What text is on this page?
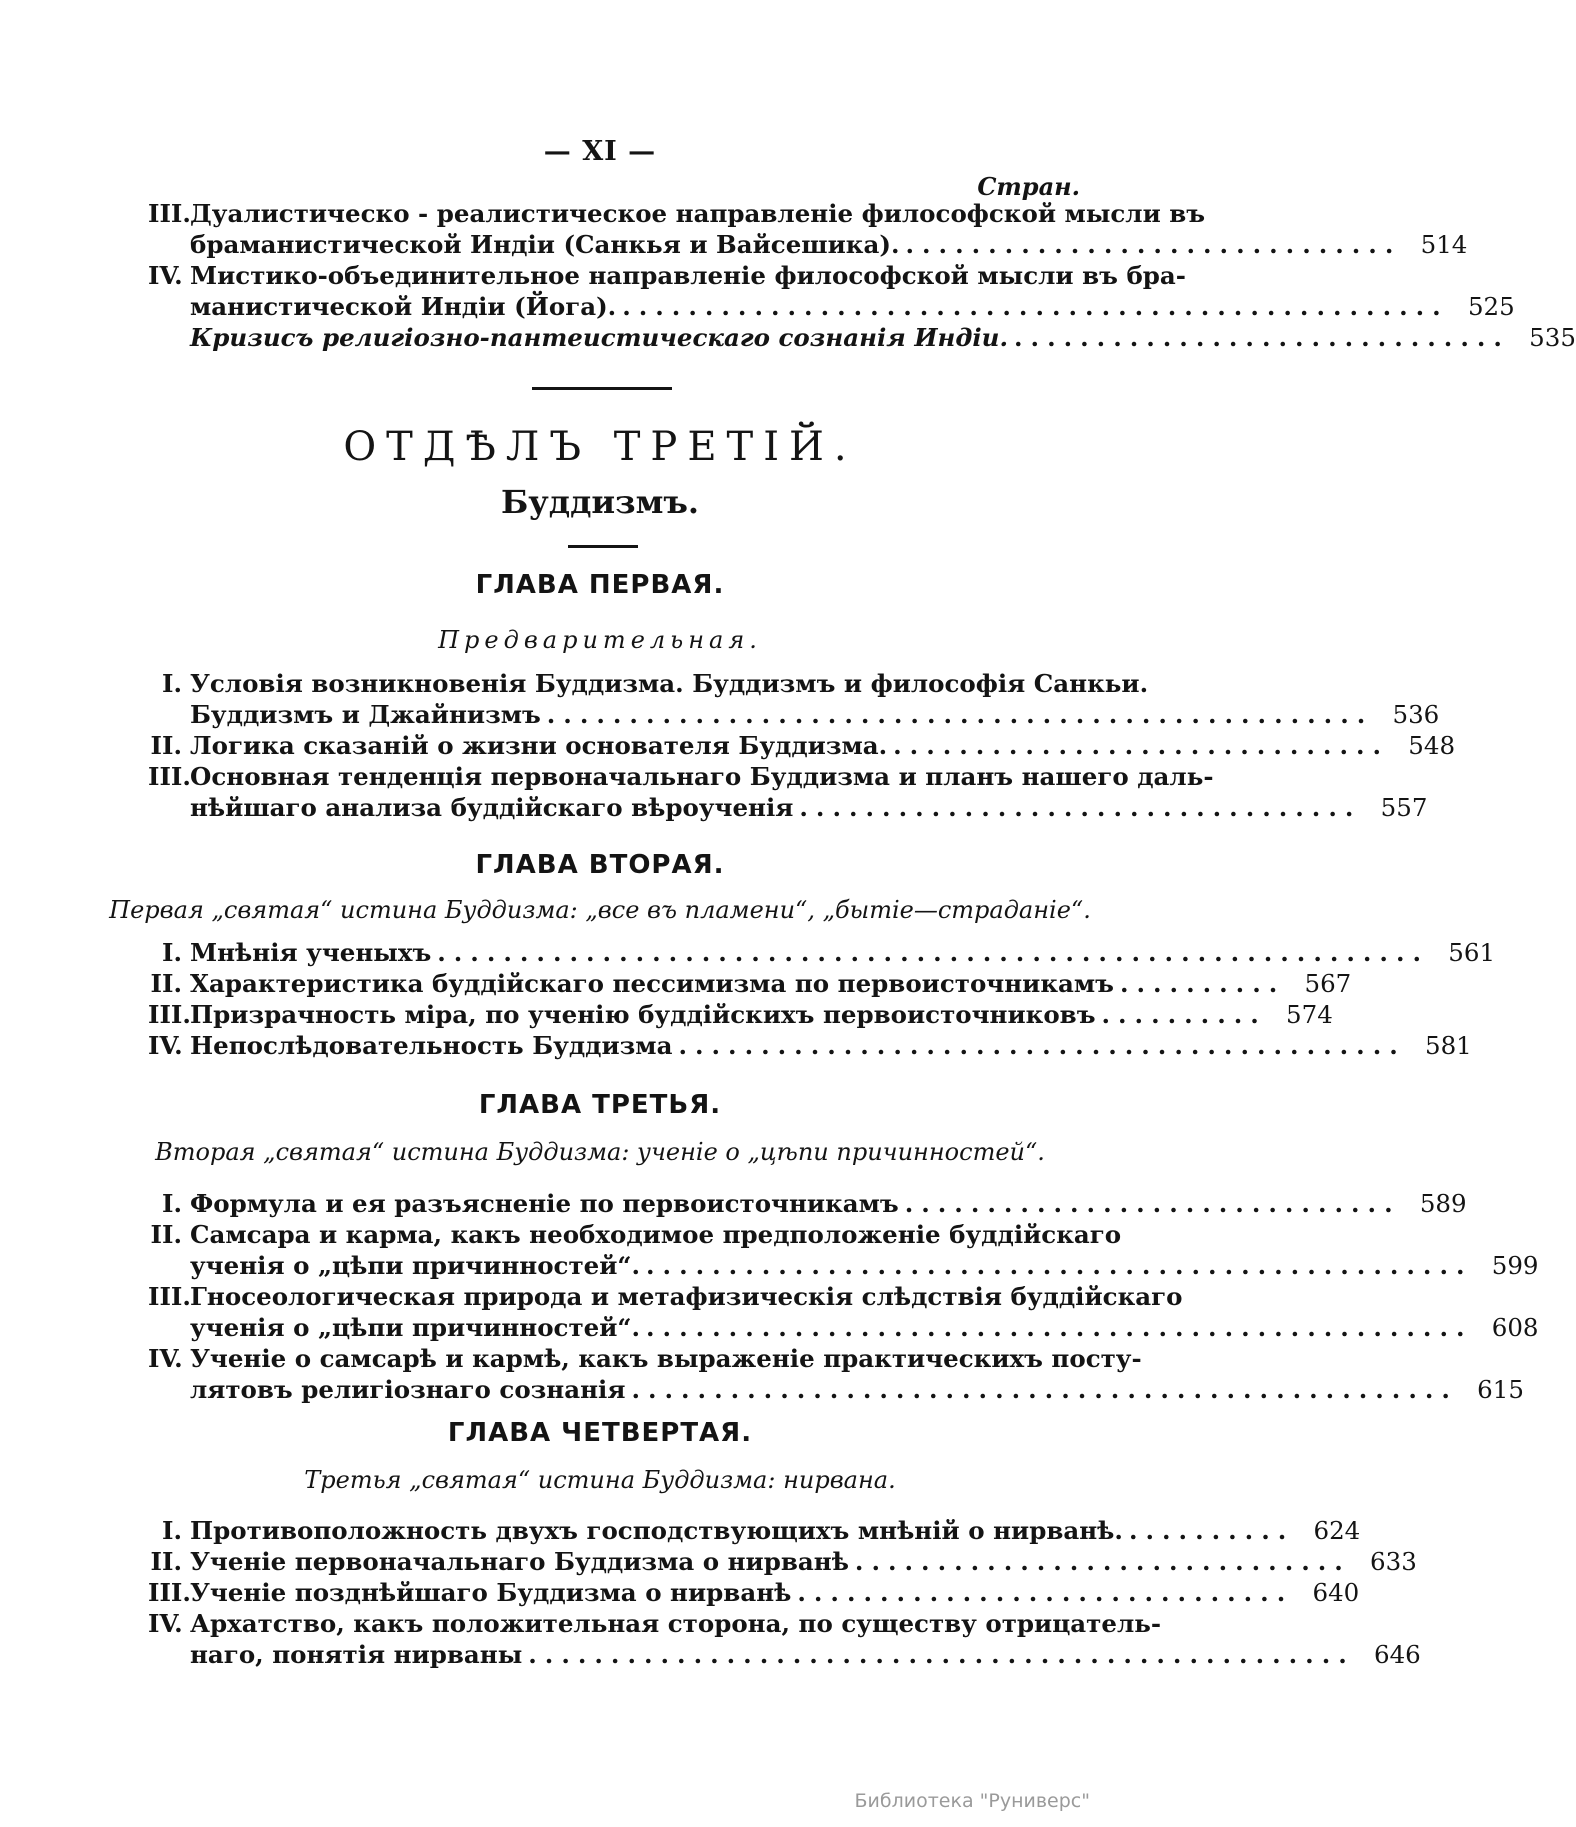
— XI —
Стран.
III. Дуалистическо - реалистическое направленіе философской мысли въ
браманистической Индіи (Санкья и Вайсешика). .............................. 514
IV. Мистико-объединительное направленіе философской мысли въ бра-
манистической Индіи (Йога). .................................................. 525
Кризисъ религіозно-пантеистическаго сознанія Индіи. .............................. 535
ОТДѢЛЪ ТРЕТІЙ.
Буддизмъ.
ГЛАВА ПЕРВАЯ.
Предварительная.
I. Условія возникновенія Буддизма. Буддизмъ и философія Санкьи.
Буддизмъ и Джайнизмъ .................................................. 536
II. Логика сказаній о жизни основателя Буддизма. .............................. 548
III. Основная тенденція первоначальнаго Буддизма и планъ нашего даль-
нѣйшаго анализа буддійскаго вѣроученія .................................. 557
ГЛАВА ВТОРАЯ.
Первая „святая“ истина Буддизма: „все въ пламени“, „бытіе—страданіе“.
I. Мнѣнія ученыхъ ............................................................ 561
II. Характеристика буддійскаго пессимизма по первоисточникамъ .......... 567
III. Призрачность міра, по ученію буддійскихъ первоисточниковъ .......... 574
IV. Непослѣдовательность Буддизма ............................................ 581
ГЛАВА ТРЕТЬЯ.
Вторая „святая“ истина Буддизма: ученіе о „цѣпи причинностей“.
I. Формула и ея разъясненіе по первоисточникамъ .............................. 589
II. Самсара и карма, какъ необходимое предположеніе буддійскаго
ученія о „цѣпи причинностей“. .................................................. 599
III. Гносеологическая природа и метафизическія слѣдствія буддійскаго
ученія о „цѣпи причинностей“. .................................................. 608
IV. Ученіе о самсарѣ и кармѣ, какъ выраженіе практическихъ посту-
лятовъ религіознаго сознанія .................................................. 615
ГЛАВА ЧЕТВЕРТАЯ.
Третья „святая“ истина Буддизма: нирвана.
I. Противоположность двухъ господствующихъ мнѣній о нирванѣ. .......... 624
II. Ученіе первоначальнаго Буддизма о нирванѣ .............................. 633
III. Ученіе позднѣйшаго Буддизма о нирванѣ .............................. 640
IV. Архатство, какъ положительная сторона, по существу отрицатель-
наго, понятія нирваны .................................................. 646
Библиотека "Руниверс"
